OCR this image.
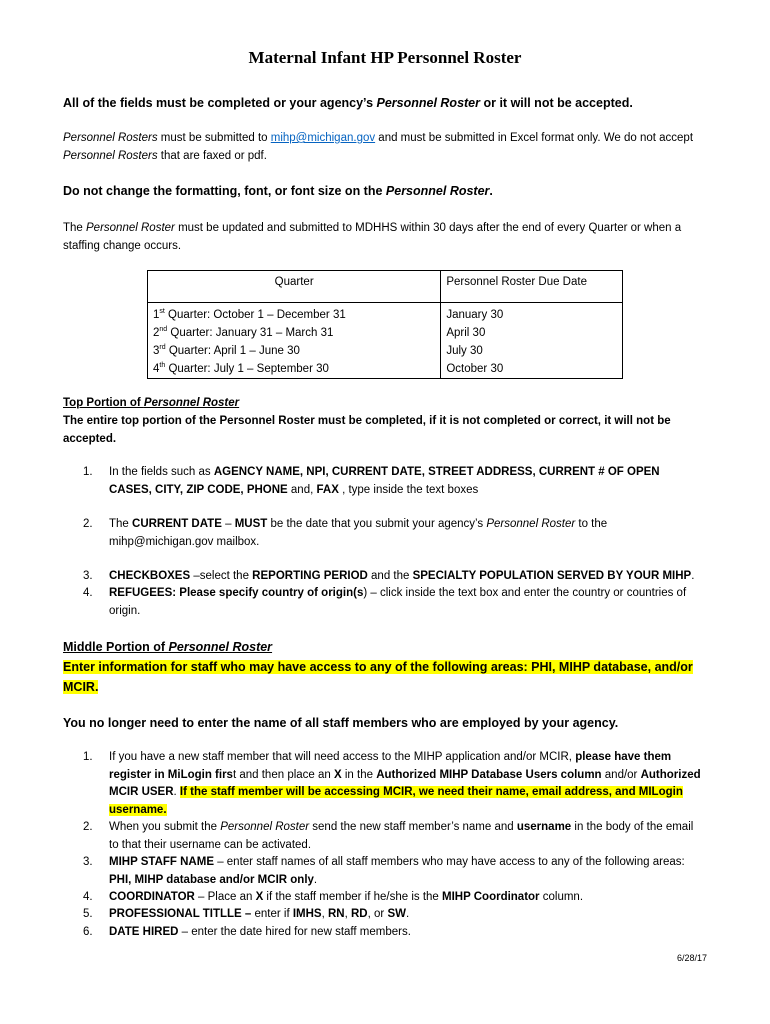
Maternal Infant HP Personnel Roster
All of the fields must be completed or your agency’s Personnel Roster or it will not be accepted.
Personnel Rosters must be submitted to mihp@michigan.gov and must be submitted in Excel format only. We do not accept Personnel Rosters that are faxed or pdf.
Do not change the formatting, font, or font size on the Personnel Roster.
The Personnel Roster must be updated and submitted to MDHHS within 30 days after the end of every Quarter or when a staffing change occurs.
Quarter	Personnel Roster Due Date
1st Quarter: October 1 – December 31	January 30
2nd Quarter: January 31 – March 31	April 30
3rd Quarter: April 1 – June 30	July 30
4th Quarter: July 1 – September 30	October 30
Top Portion of Personnel Roster
The entire top portion of the Personnel Roster must be completed, if it is not completed or correct, it will not be accepted.
1. In the fields such as AGENCY NAME, NPI, CURRENT DATE, STREET ADDRESS, CURRENT # OF OPEN CASES, CITY, ZIP CODE, PHONE and, FAX , type inside the text boxes
2. The CURRENT DATE – MUST be the date that you submit your agency’s Personnel Roster to the mihp@michigan.gov mailbox.
3. CHECKBOXES –select the REPORTING PERIOD and the SPECIALTY POPULATION SERVED BY YOUR MIHP.
4. REFUGEES: Please specify country of origin(s) – click inside the text box and enter the country or countries of origin.
Middle Portion of Personnel Roster
Enter information for staff who may have access to any of the following areas: PHI, MIHP database, and/or MCIR.
You no longer need to enter the name of all staff members who are employed by your agency.
1. If you have a new staff member that will need access to the MIHP application and/or MCIR, please have them register in MiLogin first and then place an X in the Authorized MIHP Database Users column and/or Authorized MCIR USER. If the staff member will be accessing MCIR, we need their name, email address, and MILogin username.
2. When you submit the Personnel Roster send the new staff member’s name and username in the body of the email to that their username can be activated.
3. MIHP STAFF NAME – enter staff names of all staff members who may have access to any of the following areas: PHI, MIHP database and/or MCIR only.
4. COORDINATOR – Place an X if the staff member if he/she is the MIHP Coordinator column.
5. PROFESSIONAL TITLLE – enter if IMHS, RN, RD, or SW.
6. DATE HIRED – enter the date hired for new staff members.
6/28/17
